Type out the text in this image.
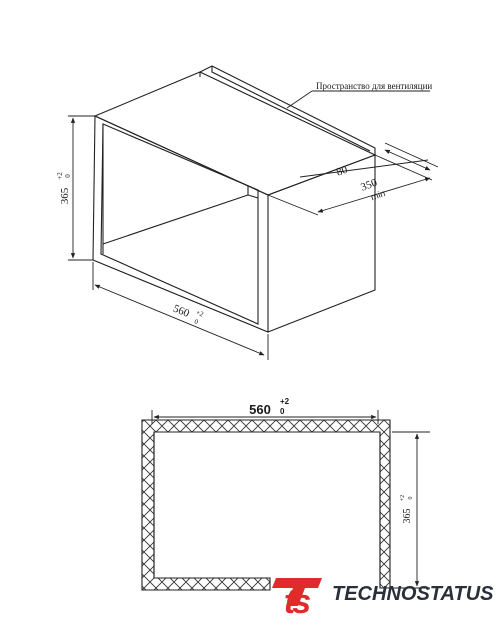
365
+2 0
560 +2
0
Пространство для вентиляции
80
350
min
560
+2
0
365
+2 0
ts TECHNOSTATUS
